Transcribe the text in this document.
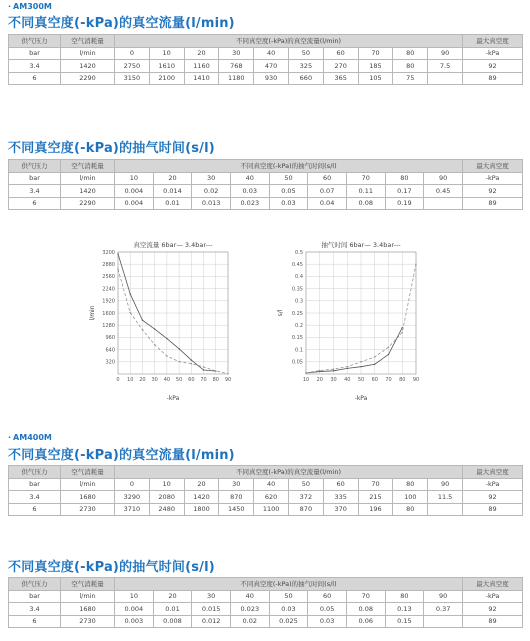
· AM300M
不同真空度(-kPa)的真空流量(l/min)
供气压力	空气消耗量	不同真空度(-kPa)的真空流量(l/min)										最大真空度
bar	l/min	0	10	20	30	40	50	60	70	80	90	-kPa
3.4	1420	2750	1610	1160	768	470	325	270	185	80	7.5	92
6	2290	3150	2100	1410	1180	930	660	365	105	75		89
不同真空度(-kPa)的抽气时间(s/l)
供气压力	空气消耗量	不同真空度(-kPa)的抽气时间(s/l)									最大真空度
bar	l/min	10	20	30	40	50	60	70	80	90	-kPa
3.4	1420	0.004	0.014	0.02	0.03	0.05	0.07	0.11	0.17	0.45	92
6	2290	0.004	0.01	0.013	0.023	0.03	0.04	0.08	0.19		89
真空流量 6bar— 3.4bar---
0 10 20 30 40 50 60 70 80 90
320
640
960
1280
1600
1920
2240
2560
2880
3200
-kPa
l/min
抽气时间 6bar— 3.4bar---
10 20 30 40 50 60 70 80 90
0.05
0.1
0.15
0.2
0.25
0.3
0.35
0.4
0.45
0.5
-kPa
s/l
· AM400M
不同真空度(-kPa)的真空流量(l/min)
供气压力	空气消耗量	不同真空度(-kPa)的真空流量(l/min)										最大真空度
bar	l/min	0	10	20	30	40	50	60	70	80	90	-kPa
3.4	1680	3290	2080	1420	870	620	372	335	215	100	11.5	92
6	2730	3710	2480	1800	1450	1100	870	370	196	80		89
不同真空度(-kPa)的抽气时间(s/l)
供气压力	空气消耗量	不同真空度(-kPa)的抽气时间(s/l)									最大真空度
bar	l/min	10	20	30	40	50	60	70	80	90	-kPa
3.4	1680	0.004	0.01	0.015	0.023	0.03	0.05	0.08	0.13	0.37	92
6	2730	0.003	0.008	0.012	0.02	0.025	0.03	0.06	0.15		89
